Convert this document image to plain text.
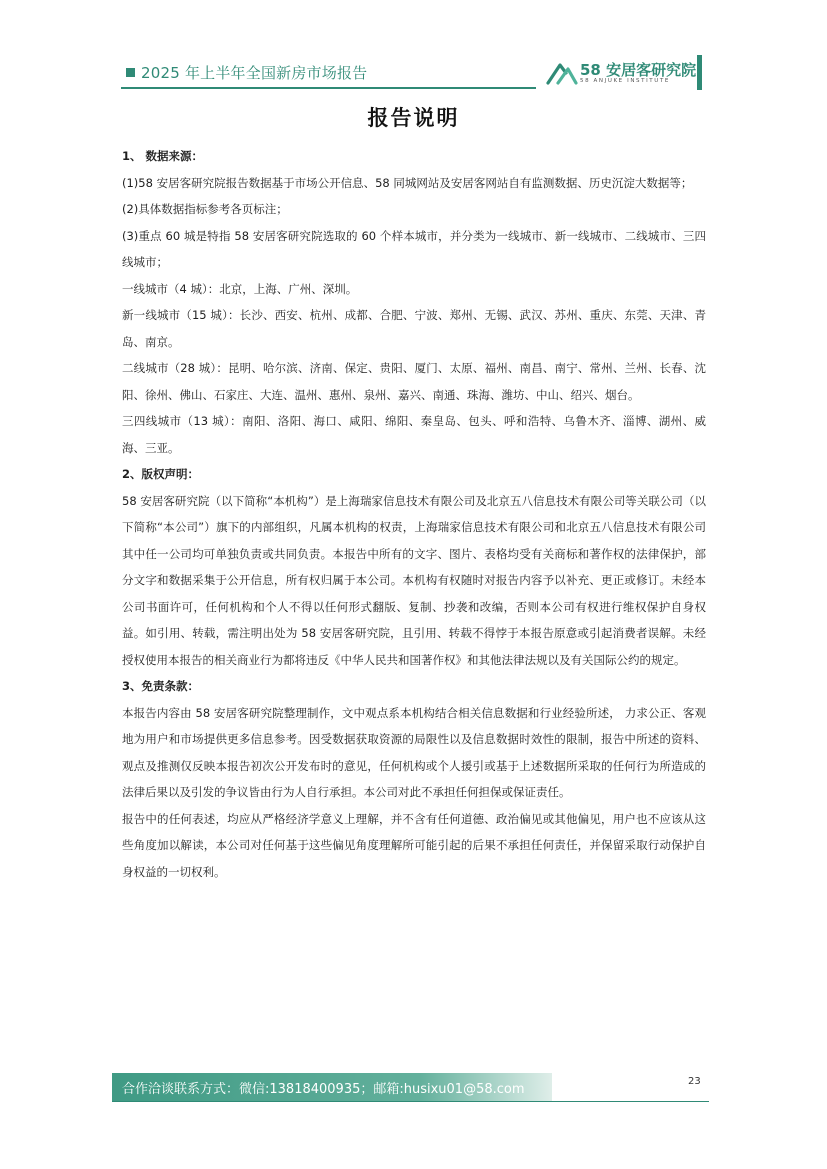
2025 年上半年全国新房市场报告	58 安居客研究院
58 ANJUKE INSTITUTE
报告说明

1、 数据来源：

(1)58 安居客研究院报告数据基于市场公开信息、58 同城网站及安居客网站自有监测数据、历史沉淀大数据等；

(2)具体数据指标参考各页标注；

(3)重点 60 城是特指 58 安居客研究院选取的 60 个样本城市，并分类为一线城市、新一线城市、二线城市、三四线城市；

一线城市（4 城）：北京，上海、广州、深圳。

新一线城市（15 城）：长沙、西安、杭州、成都、合肥、宁波、郑州、无锡、武汉、苏州、重庆、东莞、天津、青岛、南京。

二线城市（28 城）：昆明、哈尔滨、济南、保定、贵阳、厦门、太原、福州、南昌、南宁、常州、兰州、长春、沈阳、徐州、佛山、石家庄、大连、温州、惠州、泉州、嘉兴、南通、珠海、潍坊、中山、绍兴、烟台。

三四线城市（13 城）：南阳、洛阳、海口、咸阳、绵阳、秦皇岛、包头、呼和浩特、乌鲁木齐、淄博、湖州、威海、三亚。

2、版权声明：

58 安居客研究院（以下简称“本机构”）是上海瑞家信息技术有限公司及北京五八信息技术有限公司等关联公司（以下简称“本公司”）旗下的内部组织，凡属本机构的权责，上海瑞家信息技术有限公司和北京五八信息技术有限公司其中任一公司均可单独负责或共同负责。本报告中所有的文字、图片、表格均受有关商标和著作权的法律保护，部分文字和数据采集于公开信息，所有权归属于本公司。本机构有权随时对报告内容予以补充、更正或修订。未经本公司书面许可，任何机构和个人不得以任何形式翻版、复制、抄袭和改编，否则本公司有权进行维权保护自身权益。如引用、转载，需注明出处为 58 安居客研究院，且引用、转载不得悖于本报告原意或引起消费者误解。未经授权使用本报告的相关商业行为都将违反《中华人民共和国著作权》和其他法律法规以及有关国际公约的规定。

3、免责条款：

本报告内容由 58 安居客研究院整理制作，文中观点系本机构结合相关信息数据和行业经验所述， 力求公正、客观地为用户和市场提供更多信息参考。因受数据获取资源的局限性以及信息数据时效性的限制，报告中所述的资料、观点及推测仅反映本报告初次公开发布时的意见，任何机构或个人援引或基于上述数据所采取的任何行为所造成的法律后果以及引发的争议皆由行为人自行承担。本公司对此不承担任何担保或保证责任。

报告中的任何表述，均应从严格经济学意义上理解，并不含有任何道德、政治偏见或其他偏见，用户也不应该从这些角度加以解读，本公司对任何基于这些偏见角度理解所可能引起的后果不承担任何责任，并保留采取行动保护自身权益的一切权利。

合作洽谈联系方式：微信:13818400935；邮箱:husixu01@58.com
23
